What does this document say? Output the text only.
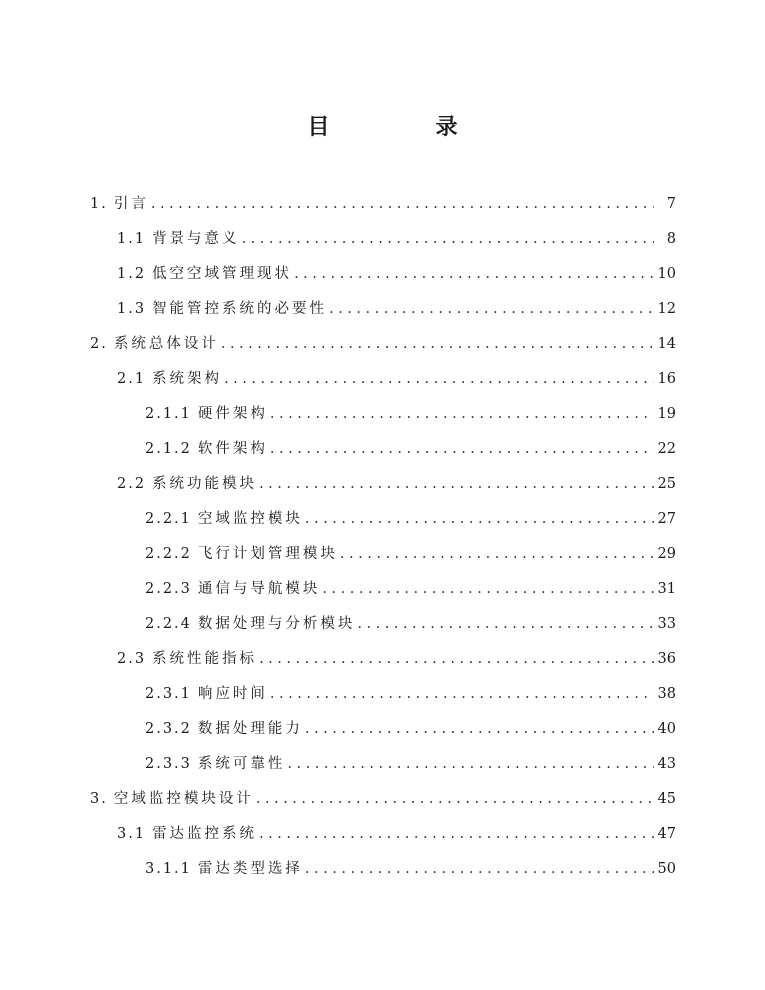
目　录
1. 引言 .....	7
1.1 背景与意义 .....	8
1.2 低空空域管理现状 .....	10
1.3 智能管控系统的必要性 .....	12
2. 系统总体设计 .....	14
2.1 系统架构 .....	16
2.1.1 硬件架构 .....	19
2.1.2 软件架构 .....	22
2.2 系统功能模块 .....	25
2.2.1 空域监控模块 .....	27
2.2.2 飞行计划管理模块 .....	29
2.2.3 通信与导航模块 .....	31
2.2.4 数据处理与分析模块 .....	33
2.3 系统性能指标 .....	36
2.3.1 响应时间 .....	38
2.3.2 数据处理能力 .....	40
2.3.3 系统可靠性 .....	43
3. 空域监控模块设计 .....	45
3.1 雷达监控系统 .....	47
3.1.1 雷达类型选择 .....	50
